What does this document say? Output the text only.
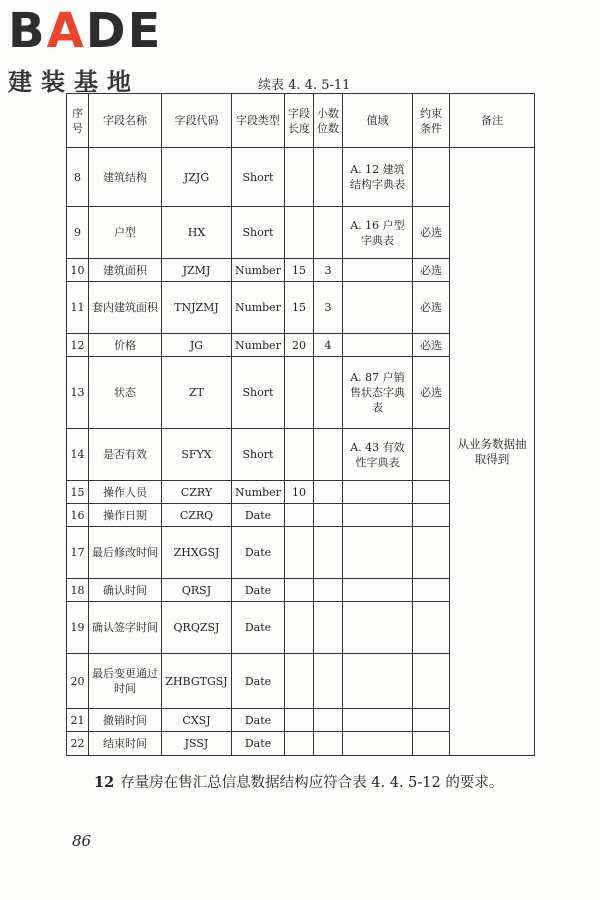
BADE
建装基地	续表 4. 4. 5-11
序号	字段名称	字段代码	字段类型	字段长度	小数位数	值域	约束条件	备注
8	建筑结构	JZJG	Short			A. 12 建筑结构字典表		从业务数据抽取得到
9	户型	HX	Short			A. 16 户型字典表	必选	
10	建筑面积	JZMJ	Number	15	3		必选	
11	套内建筑面积	TNJZMJ	Number	15	3		必选	
12	价格	JG	Number	20	4		必选	
13	状态	ZT	Short			A. 87 户销售状态字典表	必选	
14	是否有效	SFYX	Short			A. 43 有效性字典表		
15	操作人员	CZRY	Number	10				
16	操作日期	CZRQ	Date					
17	最后修改时间	ZHXGSJ	Date					
18	确认时间	QRSJ	Date					
19	确认签字时间	QRQZSJ	Date					
20	最后变更通过时间	ZHBGTGSJ	Date					
21	撤销时间	CXSJ	Date					
22	结束时间	JSSJ	Date					
12 存量房在售汇总信息数据结构应符合表 4. 4. 5-12 的要求。
86
